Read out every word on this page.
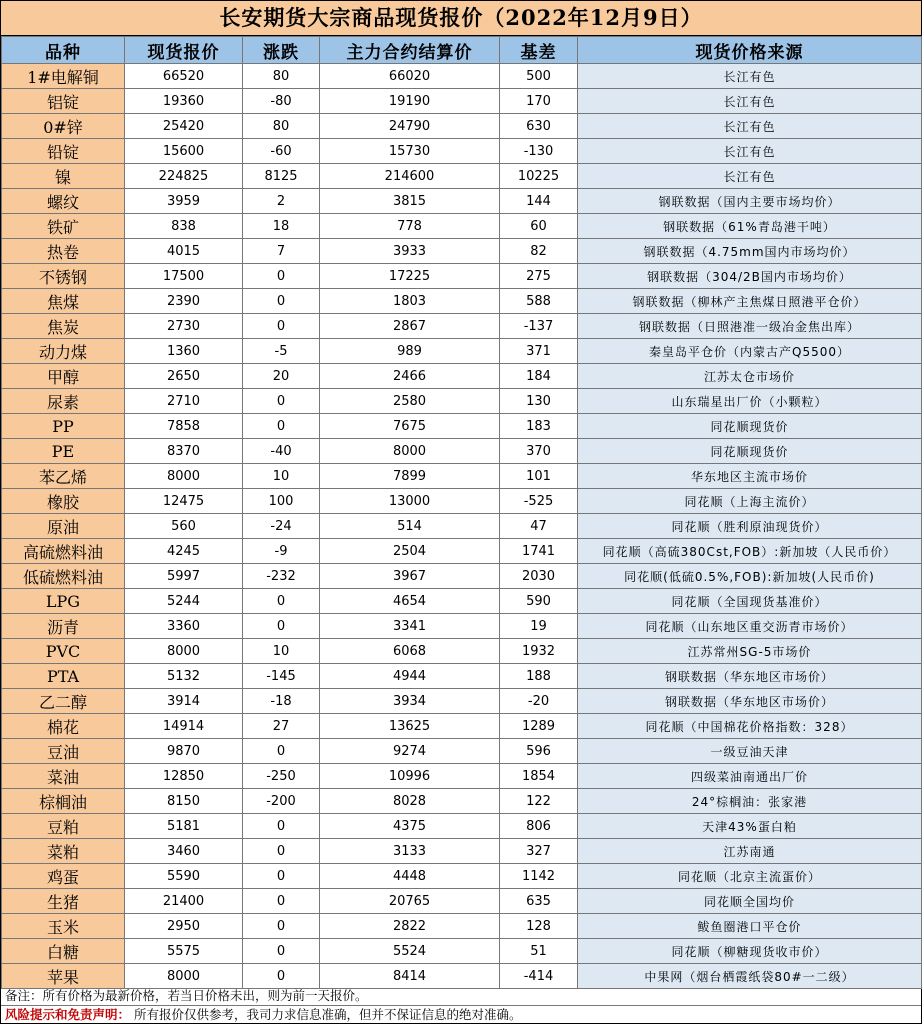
长安期货大宗商品现货报价（2022年12月9日）
品种	现货报价	涨跌	主力合约结算价	基差	现货价格来源
1#电解铜	66520	80	66020	500	长江有色
铝锭	19360	-80	19190	170	长江有色
0#锌	25420	80	24790	630	长江有色
铅锭	15600	-60	15730	-130	长江有色
镍	224825	8125	214600	10225	长江有色
螺纹	3959	2	3815	144	钢联数据（国内主要市场均价）
铁矿	838	18	778	60	钢联数据（61%青岛港干吨）
热卷	4015	7	3933	82	钢联数据（4.75mm国内市场均价）
不锈钢	17500	0	17225	275	钢联数据（304/2B国内市场均价）
焦煤	2390	0	1803	588	钢联数据（柳林产主焦煤日照港平仓价）
焦炭	2730	0	2867	-137	钢联数据（日照港准一级冶金焦出库）
动力煤	1360	-5	989	371	秦皇岛平仓价（内蒙古产Q5500）
甲醇	2650	20	2466	184	江苏太仓市场价
尿素	2710	0	2580	130	山东瑞星出厂价（小颗粒）
PP	7858	0	7675	183	同花顺现货价
PE	8370	-40	8000	370	同花顺现货价
苯乙烯	8000	10	7899	101	华东地区主流市场价
橡胶	12475	100	13000	-525	同花顺（上海主流价）
原油	560	-24	514	47	同花顺（胜利原油现货价）
高硫燃料油	4245	-9	2504	1741	同花顺（高硫380Cst,FOB）:新加坡（人民币价）
低硫燃料油	5997	-232	3967	2030	同花顺(低硫0.5%,FOB):新加坡(人民币价)
LPG	5244	0	4654	590	同花顺（全国现货基准价）
沥青	3360	0	3341	19	同花顺（山东地区重交沥青市场价）
PVC	8000	10	6068	1932	江苏常州SG-5市场价
PTA	5132	-145	4944	188	钢联数据（华东地区市场价）
乙二醇	3914	-18	3934	-20	钢联数据（华东地区市场价）
棉花	14914	27	13625	1289	同花顺（中国棉花价格指数：328）
豆油	9870	0	9274	596	一级豆油天津
菜油	12850	-250	10996	1854	四级菜油南通出厂价
棕榈油	8150	-200	8028	122	24°棕榈油：张家港
豆粕	5181	0	4375	806	天津43%蛋白粕
菜粕	3460	0	3133	327	江苏南通
鸡蛋	5590	0	4448	1142	同花顺（北京主流蛋价）
生猪	21400	0	20765	635	同花顺全国均价
玉米	2950	0	2822	128	鲅鱼圈港口平仓价
白糖	5575	0	5524	51	同花顺（柳糖现货收市价）
苹果	8000	0	8414	-414	中果网（烟台栖霞纸袋80#一二级）
备注：所有价格为最新价格，若当日价格未出，则为前一天报价。
风险提示和免责声明： 所有报价仅供参考，我司力求信息准确，但并不保证信息的绝对准确。
